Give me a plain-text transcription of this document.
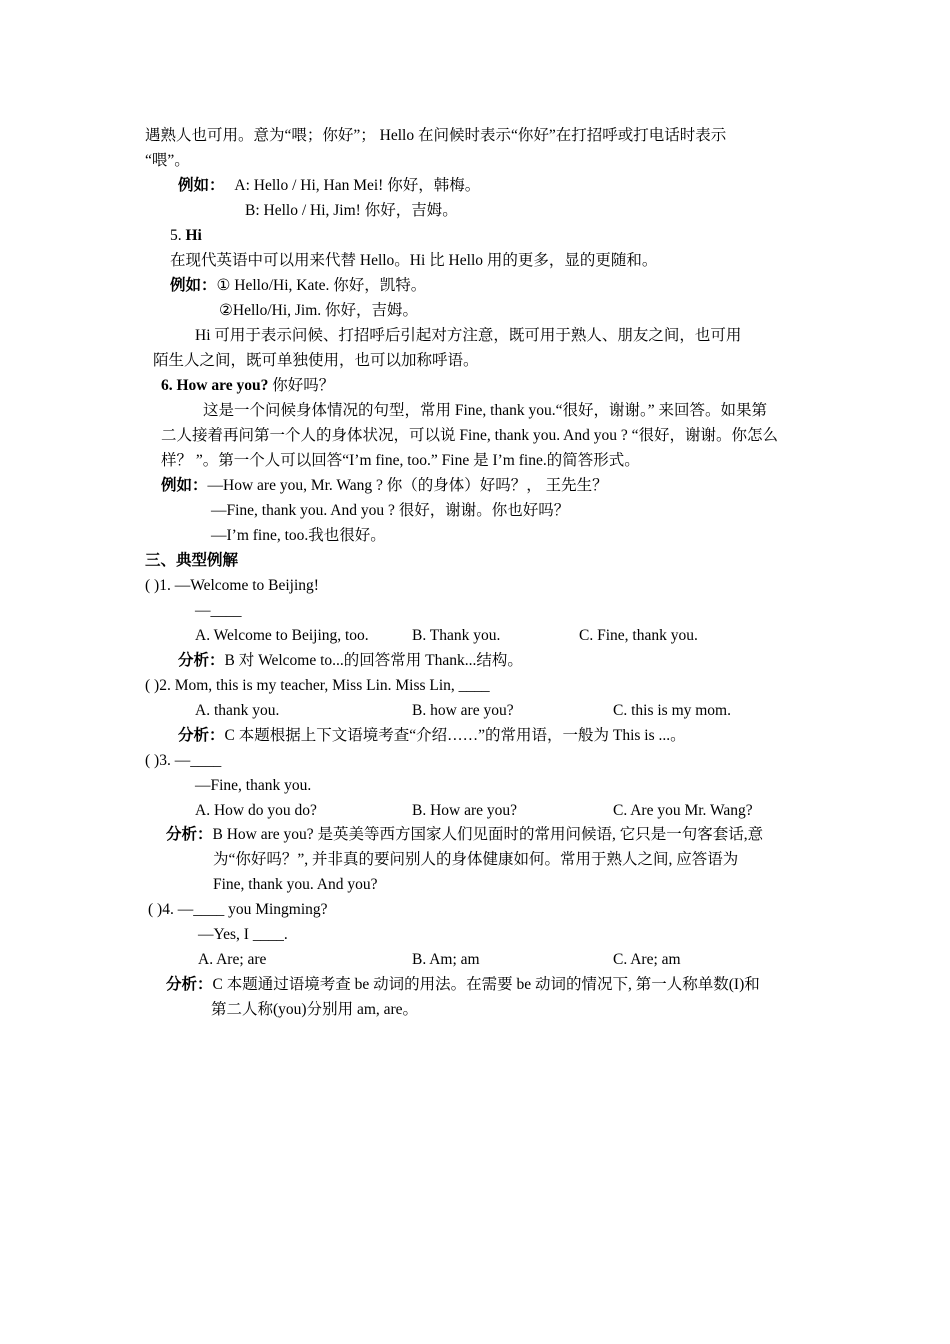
遇熟人也可用。意为“喂；你好”； Hello 在问候时表示“你好”在打招呼或打电话时表示
“喂”。
例如： A: Hello / Hi, Han Mei! 你好，韩梅。
B: Hello / Hi, Jim! 你好，吉姆。
5. Hi
在现代英语中可以用来代替 Hello。Hi 比 Hello 用的更多，显的更随和。
例如：① Hello/Hi, Kate. 你好，凯特。
②Hello/Hi, Jim. 你好，吉姆。
Hi 可用于表示问候、打招呼后引起对方注意，既可用于熟人、朋友之间，也可用
陌生人之间，既可单独使用，也可以加称呼语。
6. How are you? 你好吗？
这是一个问候身体情况的句型，常用 Fine, thank you.“很好，谢谢。” 来回答。如果第
二人接着再问第一个人的身体状况，可以说 Fine, thank you. And you ? “很好，谢谢。你怎么
样？ ”。第一个人可以回答“I’m fine, too.” Fine 是 I’m fine.的简答形式。
例如：—How are you, Mr. Wang ? 你（的身体）好吗？， 王先生？
—Fine, thank you. And you ? 很好，谢谢。你也好吗？
—I’m fine, too.我也很好。
三、典型例解
( )1. —Welcome to Beijing!
—____
A. Welcome to Beijing, too.	B. Thank you.	C. Fine, thank you.
分析：B 对 Welcome to...的回答常用 Thank...结构。
( )2. Mom, this is my teacher, Miss Lin. Miss Lin, ____
A. thank you.	B. how are you?	C. this is my mom.
分析：C 本题根据上下文语境考查“介绍……”的常用语，一般为 This is ...。
( )3. —____
—Fine, thank you.
A. How do you do?	B. How are you?	C. Are you Mr. Wang?
分析：B How are you? 是英美等西方国家人们见面时的常用问候语, 它只是一句客套话,意
为“你好吗？”, 并非真的要问别人的身体健康如何。常用于熟人之间, 应答语为
Fine, thank you. And you?
( )4. —____ you Mingming?
—Yes, I ____.
A. Are; are	B. Am; am	C. Are; am
分析：C 本题通过语境考查 be 动词的用法。在需要 be 动词的情况下, 第一人称单数(I)和
第二人称(you)分别用 am, are。
